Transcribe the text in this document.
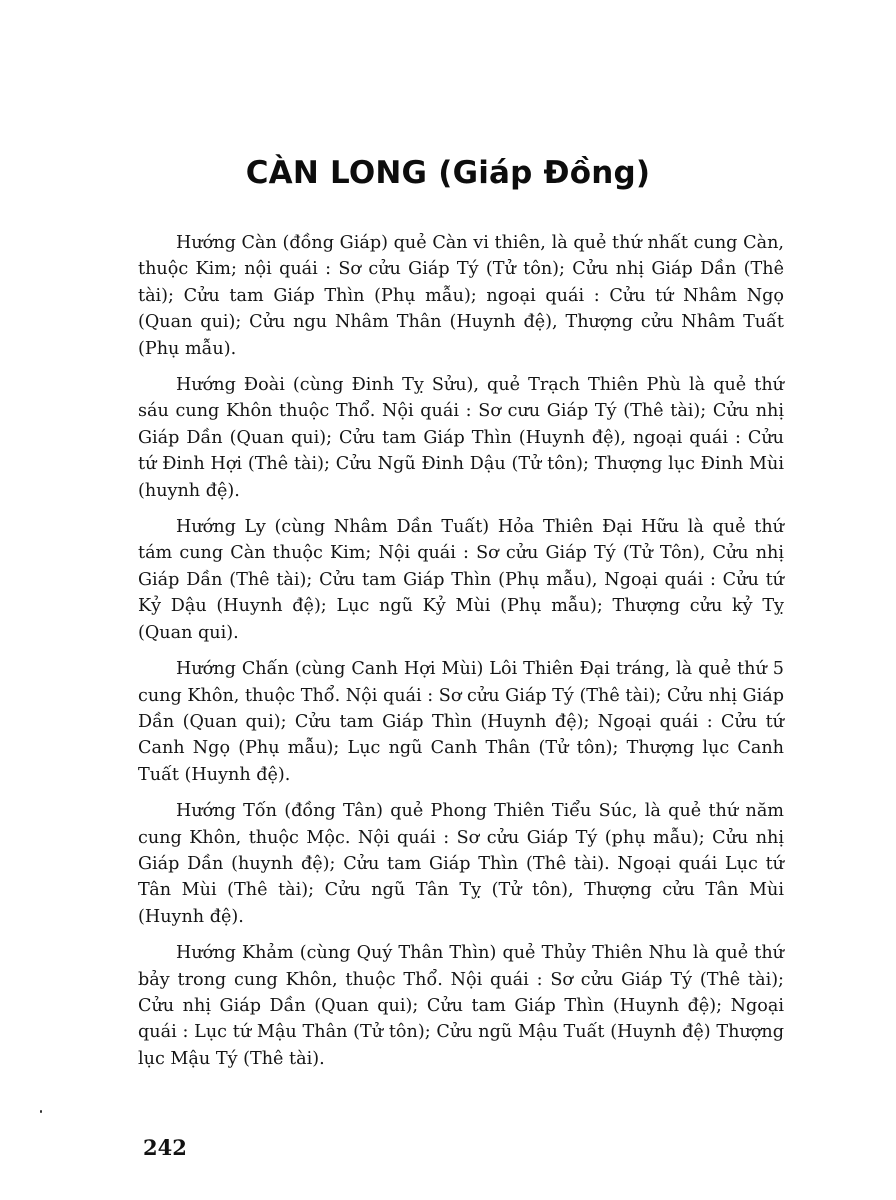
CÀN LONG (Giáp Đồng)

Hướng Càn (đồng Giáp) quẻ Càn vi thiên, là quẻ thứ nhất cung Càn, thuộc Kim; nội quái : Sơ cửu Giáp Tý (Tử tôn); Cửu nhị Giáp Dần (Thê tài); Cửu tam Giáp Thìn (Phụ mẫu); ngoại quái : Cửu tứ Nhâm Ngọ (Quan qui); Cửu ngu Nhâm Thân (Huynh đệ), Thượng cửu Nhâm Tuất (Phụ mẫu).

Hướng Đoài (cùng Đinh Tỵ Sửu), quẻ Trạch Thiên Phù là quẻ thứ sáu cung Khôn thuộc Thổ. Nội quái : Sơ cưu Giáp Tý (Thê tài); Cửu nhị Giáp Dần (Quan qui); Cửu tam Giáp Thìn (Huynh đệ), ngoại quái : Cửu tứ Đinh Hợi (Thê tài); Cửu Ngũ Đinh Dậu (Tử tôn); Thượng lục Đinh Mùi (huynh đệ).

Hướng Ly (cùng Nhâm Dần Tuất) Hỏa Thiên Đại Hữu là quẻ thứ tám cung Càn thuộc Kim; Nội quái : Sơ cửu Giáp Tý (Tử Tôn), Cửu nhị Giáp Dần (Thê tài); Cửu tam Giáp Thìn (Phụ mẫu), Ngoại quái : Cửu tứ Kỷ Dậu (Huynh đệ); Lục ngũ Kỷ Mùi (Phụ mẫu); Thượng cửu kỷ Tỵ (Quan qui).

Hướng Chấn (cùng Canh Hợi Mùi) Lôi Thiên Đại tráng, là quẻ thứ 5 cung Khôn, thuộc Thổ. Nội quái : Sơ cửu Giáp Tý (Thê tài); Cửu nhị Giáp Dần (Quan qui); Cửu tam Giáp Thìn (Huynh đệ); Ngoại quái : Cửu tứ Canh Ngọ (Phụ mẫu); Lục ngũ Canh Thân (Tử tôn); Thượng lục Canh Tuất (Huynh đệ).

Hướng Tốn (đồng Tân) quẻ Phong Thiên Tiểu Súc, là quẻ thứ năm cung Khôn, thuộc Mộc. Nội quái : Sơ cửu Giáp Tý (phụ mẫu); Cửu nhị Giáp Dần (huynh đệ); Cửu tam Giáp Thìn (Thê tài). Ngoại quái Lục tứ Tân Mùi (Thê tài); Cửu ngũ Tân Tỵ (Tử tôn), Thượng cửu Tân Mùi (Huynh đệ).

Hướng Khảm (cùng Quý Thân Thìn) quẻ Thủy Thiên Nhu là quẻ thứ bảy trong cung Khôn, thuộc Thổ. Nội quái : Sơ cửu Giáp Tý (Thê tài); Cửu nhị Giáp Dần (Quan qui); Cửu tam Giáp Thìn (Huynh đệ); Ngoại quái : Lục tứ Mậu Thân (Tử tôn); Cửu ngũ Mậu Tuất (Huynh đệ) Thượng lục Mậu Tý (Thê tài).

242
